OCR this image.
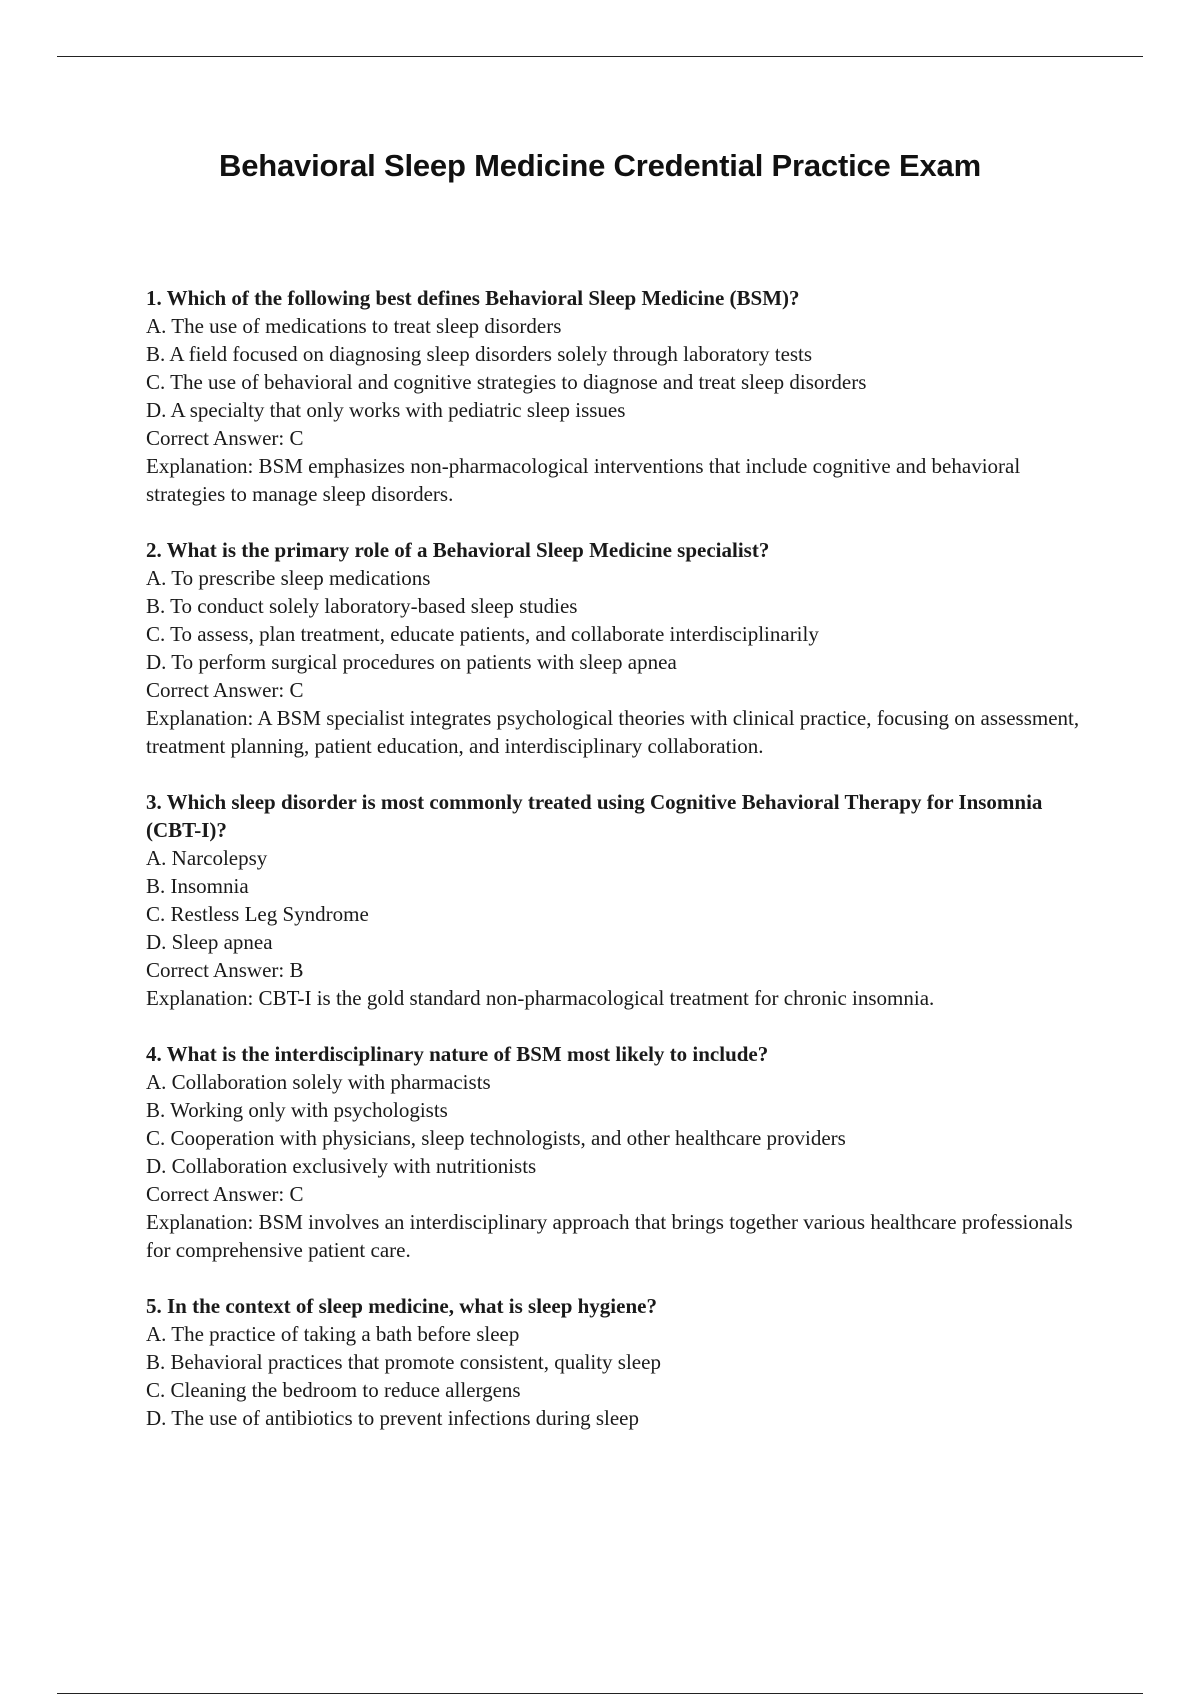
Behavioral Sleep Medicine Credential Practice Exam

1. Which of the following best defines Behavioral Sleep Medicine (BSM)?

A. The use of medications to treat sleep disorders

B. A field focused on diagnosing sleep disorders solely through laboratory tests

C. The use of behavioral and cognitive strategies to diagnose and treat sleep disorders

D. A specialty that only works with pediatric sleep issues

Correct Answer: C

Explanation: BSM emphasizes non-pharmacological interventions that include cognitive and behavioral strategies to manage sleep disorders.

2. What is the primary role of a Behavioral Sleep Medicine specialist?

A. To prescribe sleep medications

B. To conduct solely laboratory-based sleep studies

C. To assess, plan treatment, educate patients, and collaborate interdisciplinarily

D. To perform surgical procedures on patients with sleep apnea

Correct Answer: C

Explanation: A BSM specialist integrates psychological theories with clinical practice, focusing on assessment, treatment planning, patient education, and interdisciplinary collaboration.

3. Which sleep disorder is most commonly treated using Cognitive Behavioral Therapy for Insomnia (CBT-I)?

A. Narcolepsy

B. Insomnia

C. Restless Leg Syndrome

D. Sleep apnea

Correct Answer: B

Explanation: CBT-I is the gold standard non-pharmacological treatment for chronic insomnia.

4. What is the interdisciplinary nature of BSM most likely to include?

A. Collaboration solely with pharmacists

B. Working only with psychologists

C. Cooperation with physicians, sleep technologists, and other healthcare providers

D. Collaboration exclusively with nutritionists

Correct Answer: C

Explanation: BSM involves an interdisciplinary approach that brings together various healthcare professionals for comprehensive patient care.

5. In the context of sleep medicine, what is sleep hygiene?

A. The practice of taking a bath before sleep

B. Behavioral practices that promote consistent, quality sleep

C. Cleaning the bedroom to reduce allergens

D. The use of antibiotics to prevent infections during sleep
